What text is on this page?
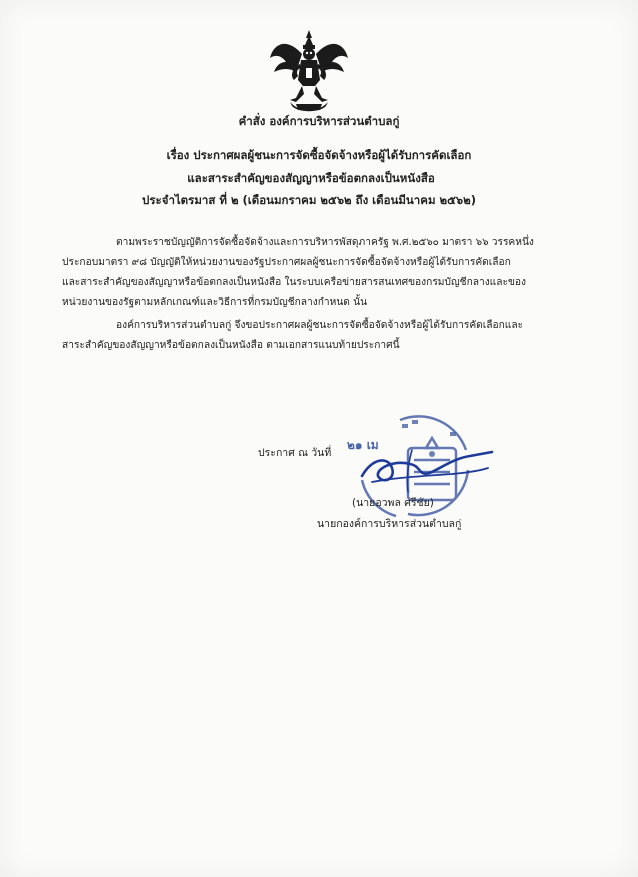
คำสั่ง องค์การบริหารส่วนตำบลกู่
เรื่อง ประกาศผลผู้ชนะการจัดซื้อจัดจ้างหรือผู้ได้รับการคัดเลือก
และสาระสำคัญของสัญญาหรือข้อตกลงเป็นหนังสือ
ประจำไตรมาส ที่ ๒ (เดือนมกราคม ๒๕๖๒ ถึง เดือนมีนาคม ๒๕๖๒)
ตามพระราชบัญญัติการจัดซื้อจัดจ้างและการบริหารพัสดุภาครัฐ พ.ศ.๒๕๖๐ มาตรา ๖๖ วรรคหนึ่ง
ประกอบมาตรา ๙๘ บัญญัติให้หน่วยงานของรัฐประกาศผลผู้ชนะการจัดซื้อจัดจ้างหรือผู้ได้รับการคัดเลือก
และสาระสำคัญของสัญญาหรือข้อตกลงเป็นหนังสือ ในระบบเครือข่ายสารสนเทศของกรมบัญชีกลางและของ
หน่วยงานของรัฐตามหลักเกณฑ์และวิธีการที่กรมบัญชีกลางกำหนด นั้น
องค์การบริหารส่วนตำบลกู่ จึงขอประกาศผลผู้ชนะการจัดซื้อจัดจ้างหรือผู้ได้รับการคัดเลือกและ
สาระสำคัญของสัญญาหรือข้อตกลงเป็นหนังสือ ตามเอกสารแนบท้ายประกาศนี้
๒๑ เม
ประกาศ ณ วันที่
(นายอวพล ศรีชัย)
นายกองค์การบริหารส่วนตำบลกู่
